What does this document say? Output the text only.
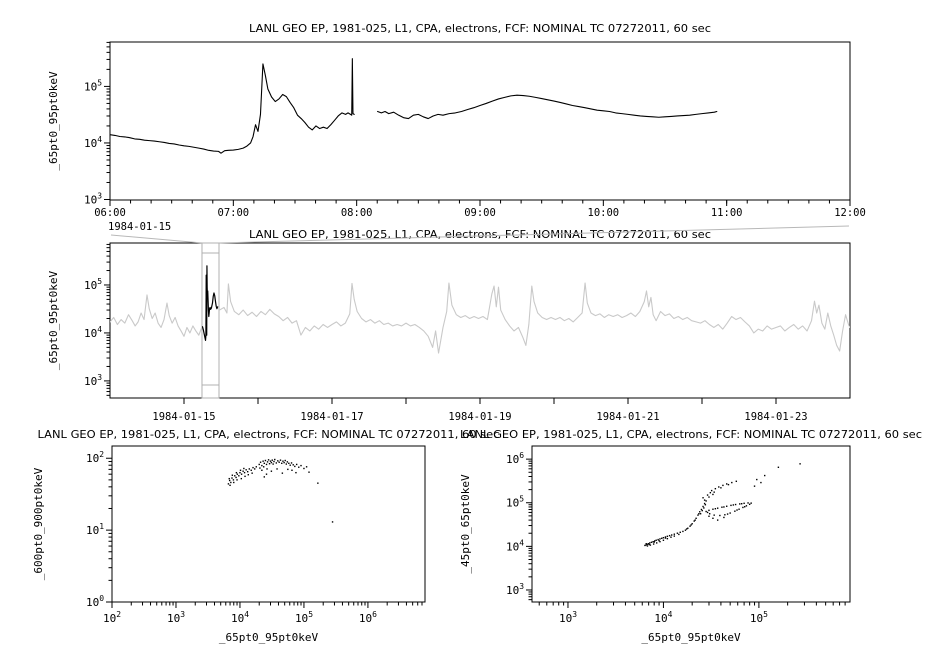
LANL GEO EP, 1981-025, L1, CPA, electrons, FCF: NOMINAL TC 07272011, 60 sec
06:00	07:00	08:00	09:00	10:00	11:00	12:00
$10^3$
$10^4$
$10^5$
_65pt0_95pt0keV
1984-01-15
LANL GEO EP, 1981-025, L1, CPA, electrons, FCF: NOMINAL TC 07272011, 60 sec
1984-01-15	1984-01-17	1984-01-19	1984-01-21	1984-01-23
$10^3$
$10^4$
$10^5$
_65pt0_95pt0keV
LANL GEO EP, 1981-025, L1, CPA, electrons, FCF: NOMINAL TC 07272011, 60 sec
$10^2$	$10^3$	$10^4$	$10^5$	$10^6$
$10^0$
$10^1$
$10^2$
_600pt0_900pt0keV
_65pt0_95pt0keV
LANL GEO EP, 1981-025, L1, CPA, electrons, FCF: NOMINAL TC 07272011, 60 sec
$10^3$	$10^4$	$10^5$
$10^3$
$10^4$
$10^5$
$10^6$
_45pt0_65pt0keV
_65pt0_95pt0keV
